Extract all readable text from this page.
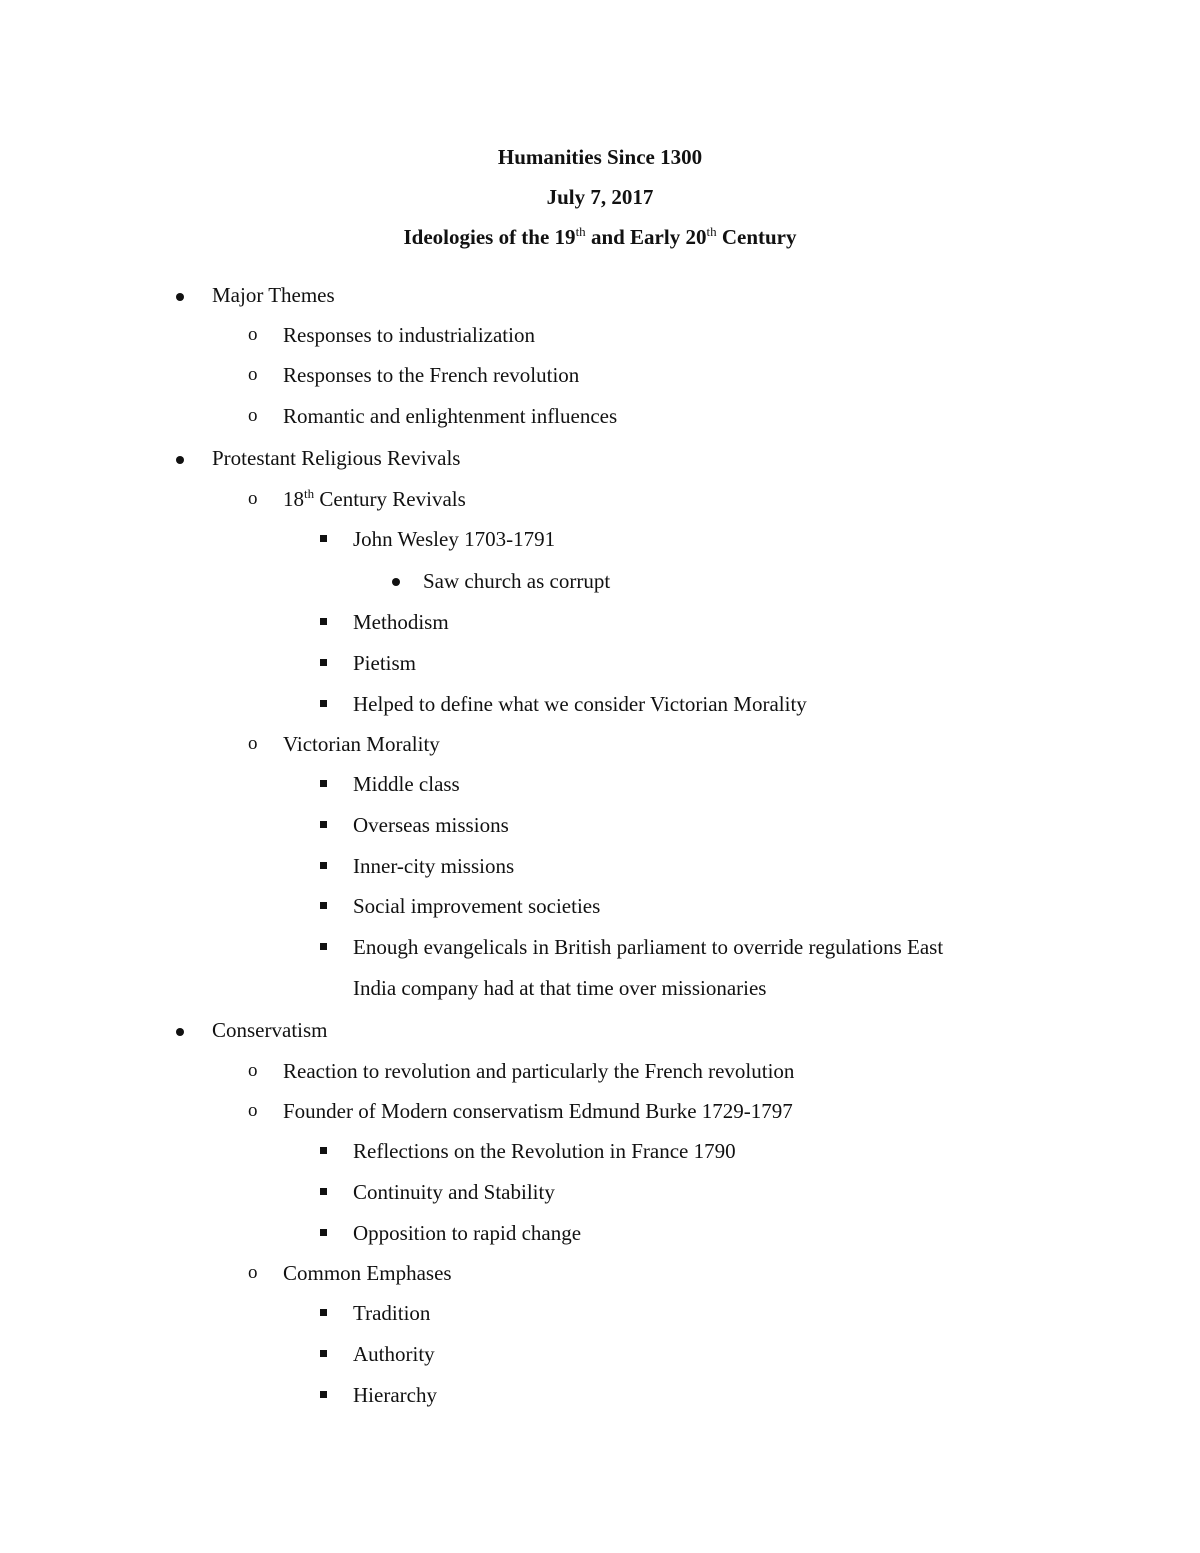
Humanities Since 1300
July 7, 2017
Ideologies of the 19th and Early 20th Century
Major Themes
o Responses to industrialization
o Responses to the French revolution
o Romantic and enlightenment influences
Protestant Religious Revivals
o 18th Century Revivals
John Wesley 1703-1791
Saw church as corrupt
Methodism
Pietism
Helped to define what we consider Victorian Morality
o Victorian Morality
Middle class
Overseas missions
Inner-city missions
Social improvement societies
Enough evangelicals in British parliament to override regulations East
India company had at that time over missionaries
Conservatism
o Reaction to revolution and particularly the French revolution
o Founder of Modern conservatism Edmund Burke 1729-1797
Reflections on the Revolution in France 1790
Continuity and Stability
Opposition to rapid change
o Common Emphases
Tradition
Authority
Hierarchy
